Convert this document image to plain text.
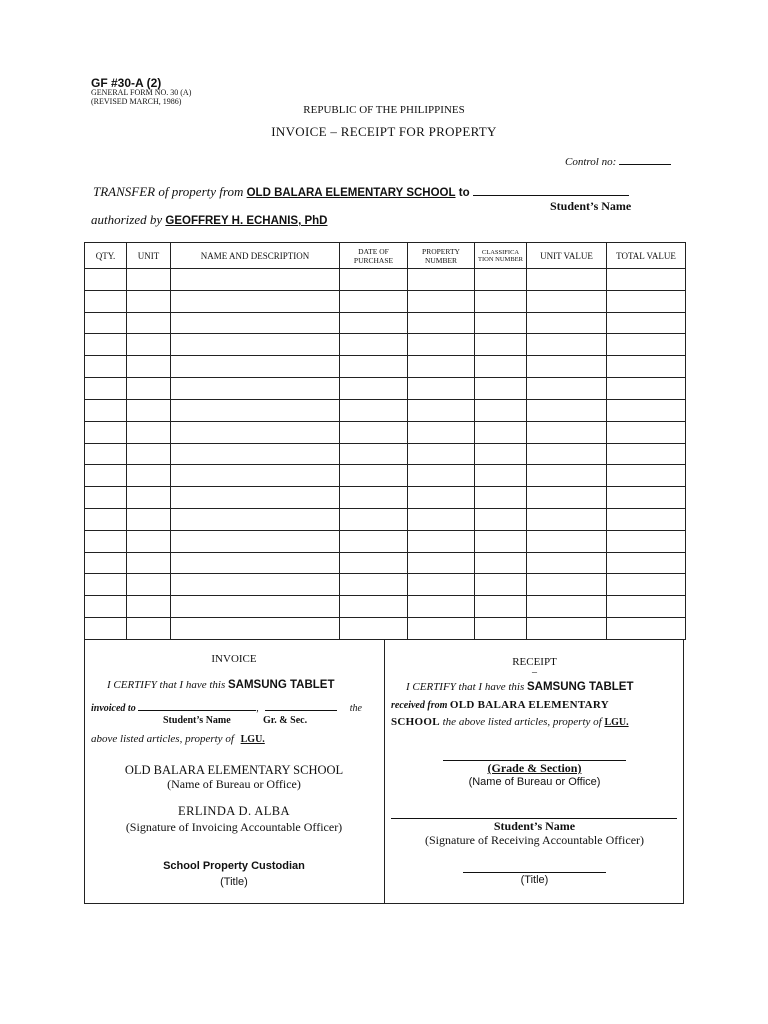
GF #30-A (2)
GENERAL FORM NO. 30 (A)
(REVISED MARCH, 1986)
REPUBLIC OF THE PHILIPPINES
INVOICE – RECEIPT FOR PROPERTY
Control no:
TRANSFER of property from OLD BALARA ELEMENTARY SCHOOL to
Student’s Name
authorized by GEOFFREY H. ECHANIS, PhD
QTY.	UNIT	NAME AND DESCRIPTION	DATE OF PURCHASE	PROPERTY NUMBER	CLASSIFICA TION NUMBER	UNIT VALUE	TOTAL VALUE

INVOICE
I CERTIFY that I have this SAMSUNG TABLET
invoiced to	,	the
Student’s Name	Gr. & Sec.
above listed articles, property of LGU.
OLD BALARA ELEMENTARY SCHOOL
(Name of Bureau or Office)
ERLINDA D. ALBA
(Signature of Invoicing Accountable Officer)
School Property Custodian
(Title)
RECEIPT
–
I CERTIFY that I have this SAMSUNG TABLET
received from OLD BALARA ELEMENTARY
SCHOOL the above listed articles, property of LGU.
(Grade & Section)
(Name of Bureau or Office)
Student’s Name
(Signature of Receiving Accountable Officer)
(Title)
